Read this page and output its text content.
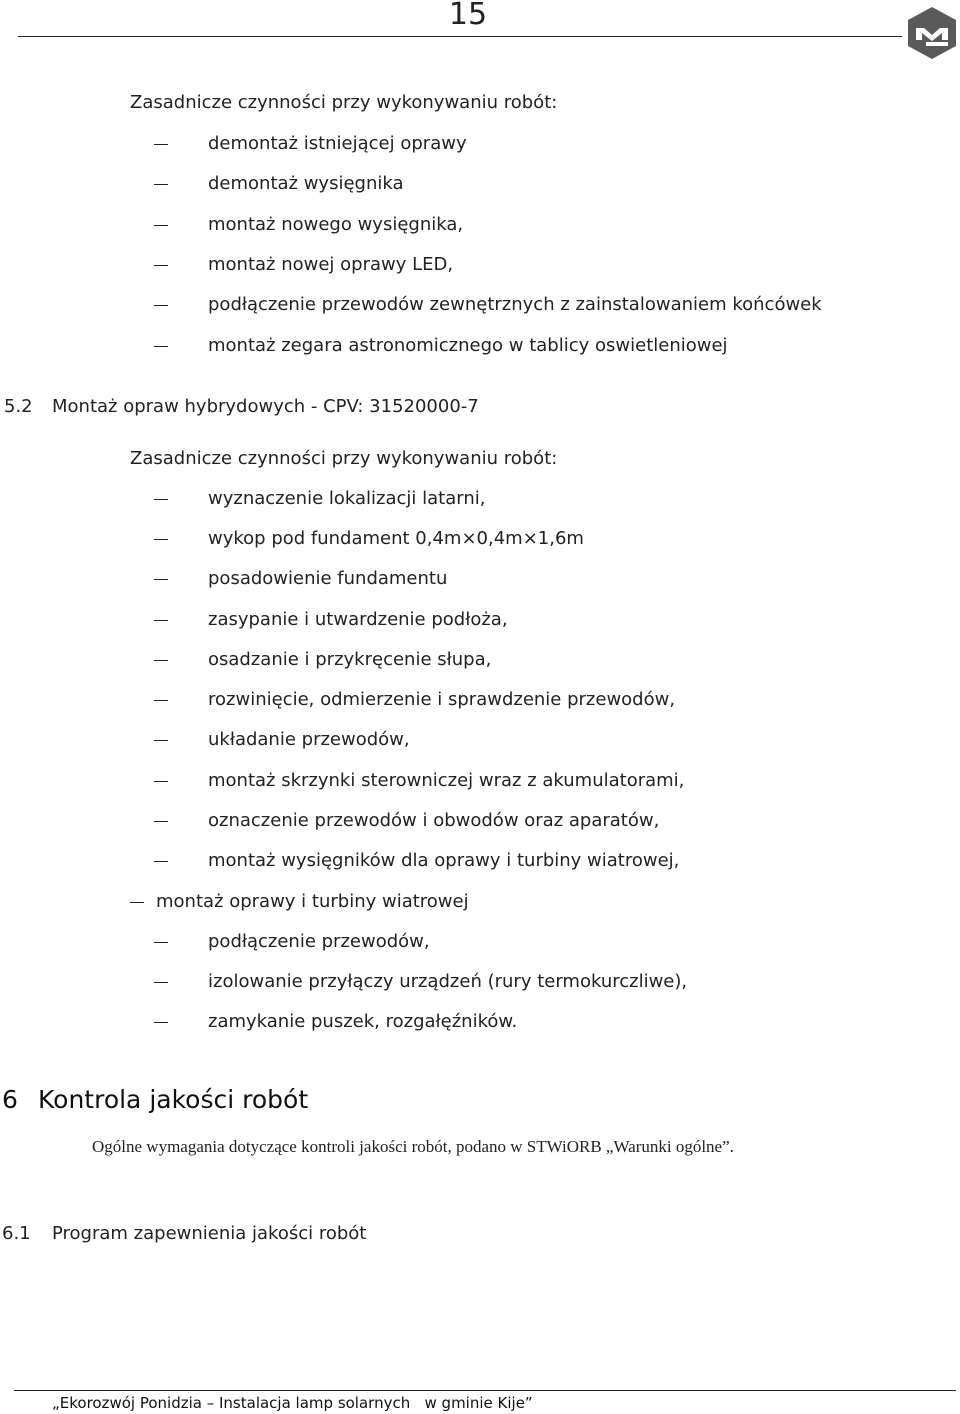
15
Zasadnicze czynności przy wykonywaniu robót:
demontaż istniejącej oprawy
demontaż wysięgnika
montaż nowego wysięgnika,
montaż nowej oprawy LED,
podłączenie przewodów zewnętrznych z zainstalowaniem końcówek
montaż zegara astronomicznego w tablicy oswietleniowej
5.2 Montaż opraw hybrydowych - CPV: 31520000-7
Zasadnicze czynności przy wykonywaniu robót:
wyznaczenie lokalizacji latarni,
wykop pod fundament 0,4m×0,4m×1,6m
posadowienie fundamentu
zasypanie i utwardzenie podłoża,
osadzanie i przykręcenie słupa,
rozwinięcie, odmierzenie i sprawdzenie przewodów,
układanie przewodów,
montaż skrzynki sterowniczej wraz z akumulatorami,
oznaczenie przewodów i obwodów oraz aparatów,
montaż wysięgników dla oprawy i turbiny wiatrowej,
montaż oprawy i turbiny wiatrowej
podłączenie przewodów,
izolowanie przyłączy urządzeń (rury termokurczliwe),
zamykanie puszek, rozgałęźników.
6 Kontrola jakości robót
Ogólne wymagania dotyczące kontroli jakości robót, podano w STWiORB „Warunki ogólne”.
6.1 Program zapewnienia jakości robót
„Ekorozwój Ponidzia – Instalacja lamp solarnych   w gminie Kije”
